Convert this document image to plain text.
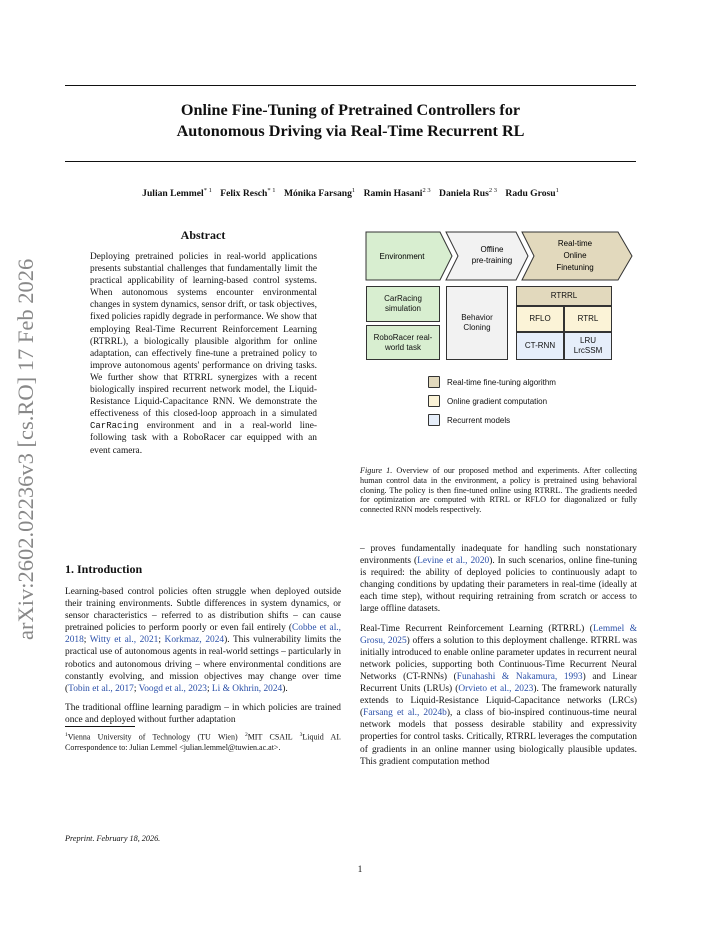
Online Fine-Tuning of Pretrained Controllers for
Autonomous Driving via Real-Time Recurrent RL
Julian Lemmel$^{* 1}$ Felix Resch$^{* 1}$ Mónika Farsang$^1$ Ramin Hasani$^{2 3}$ Daniela Rus$^{2 3}$ Radu Grosu$^1$
arXiv:2602.02236v3 [cs.RO] 17 Feb 2026
Abstract
Deploying pretrained policies in real-world applications presents substantial challenges that fundamentally limit the practical applicability of learning-based control systems. When autonomous systems encounter environmental changes in system dynamics, sensor drift, or task objectives, fixed policies rapidly degrade in performance. We show that employing Real-Time Recurrent Reinforcement Learning (RTRRL), a biologically plausible algorithm for online adaptation, can effectively fine-tune a pretrained policy to improve autonomous agents' performance on driving tasks. We further show that RTRRL synergizes with a recent biologically inspired recurrent network model, the Liquid-Resistance Liquid-Capacitance RNN. We demonstrate the effectiveness of this closed-loop approach in a simulated CarRacing environment and in a real-world line-following task with a RoboRacer car equipped with an event camera.
1. Introduction

Learning-based control policies often struggle when deployed outside their training environments. Subtle differences in system dynamics, or sensor characteristics – referred to as distribution shifts – can cause pretrained policies to perform poorly or even fail entirely (Cobbe et al., 2018; Witty et al., 2021; Korkmaz, 2024). This vulnerability limits the practical use of autonomous agents in real-world settings – particularly in robotics and autonomous driving – where environmental conditions are constantly evolving, and mission objectives may change over time (Tobin et al., 2017; Voogd et al., 2023; Li & Okhrin, 2024).

The traditional offline learning paradigm – in which policies are trained once and deployed without further adaptation

$^1$Vienna University of Technology (TU Wien) $^2$MIT CSAIL $^3$Liquid AI. Correspondence to: Julian Lemmel <julian.lemmel@tuwien.ac.at>.
Preprint. February 18, 2026.
1
Environment
Offline
pre-training
Real-time
Online
Finetuning
CarRacing simulation
RoboRacer real-world task
Behavior Cloning
RTRRL
RFLO	RTRL
CT-RNN
LRU LrcSSM
Real-time fine-tuning algorithm
Online gradient computation
Recurrent models
Figure 1. Overview of our proposed method and experiments. After collecting human control data in the environment, a policy is pretrained using behavioral cloning. The policy is then fine-tuned online using RTRRL. The gradients needed for optimization are computed with RTRL or RFLO for diagonalized or fully connected RNN models respectively.

– proves fundamentally inadequate for handling such nonstationary environments (Levine et al., 2020). In such scenarios, online fine-tuning is required: the ability of deployed policies to continuously adapt to changing conditions by updating their parameters in real-time (ideally at each time step), without requiring retraining from scratch or access to large offline datasets.

Real-Time Recurrent Reinforcement Learning (RTRRL) (Lemmel & Grosu, 2025) offers a solution to this deployment challenge. RTRRL was initially introduced to enable online parameter updates in recurrent neural network policies, supporting both Continuous-Time Recurrent Neural Networks (CT-RNNs) (Funahashi & Nakamura, 1993) and Linear Recurrent Units (LRUs) (Orvieto et al., 2023). The framework naturally extends to Liquid-Resistance Liquid-Capacitance networks (LRCs) (Farsang et al., 2024b), a class of bio-inspired continuous-time neural network models that possess desirable stability and expressivity properties for control tasks. Critically, RTRRL leverages the computation of gradients in an online manner using biologically plausible updates. This gradient computation method
